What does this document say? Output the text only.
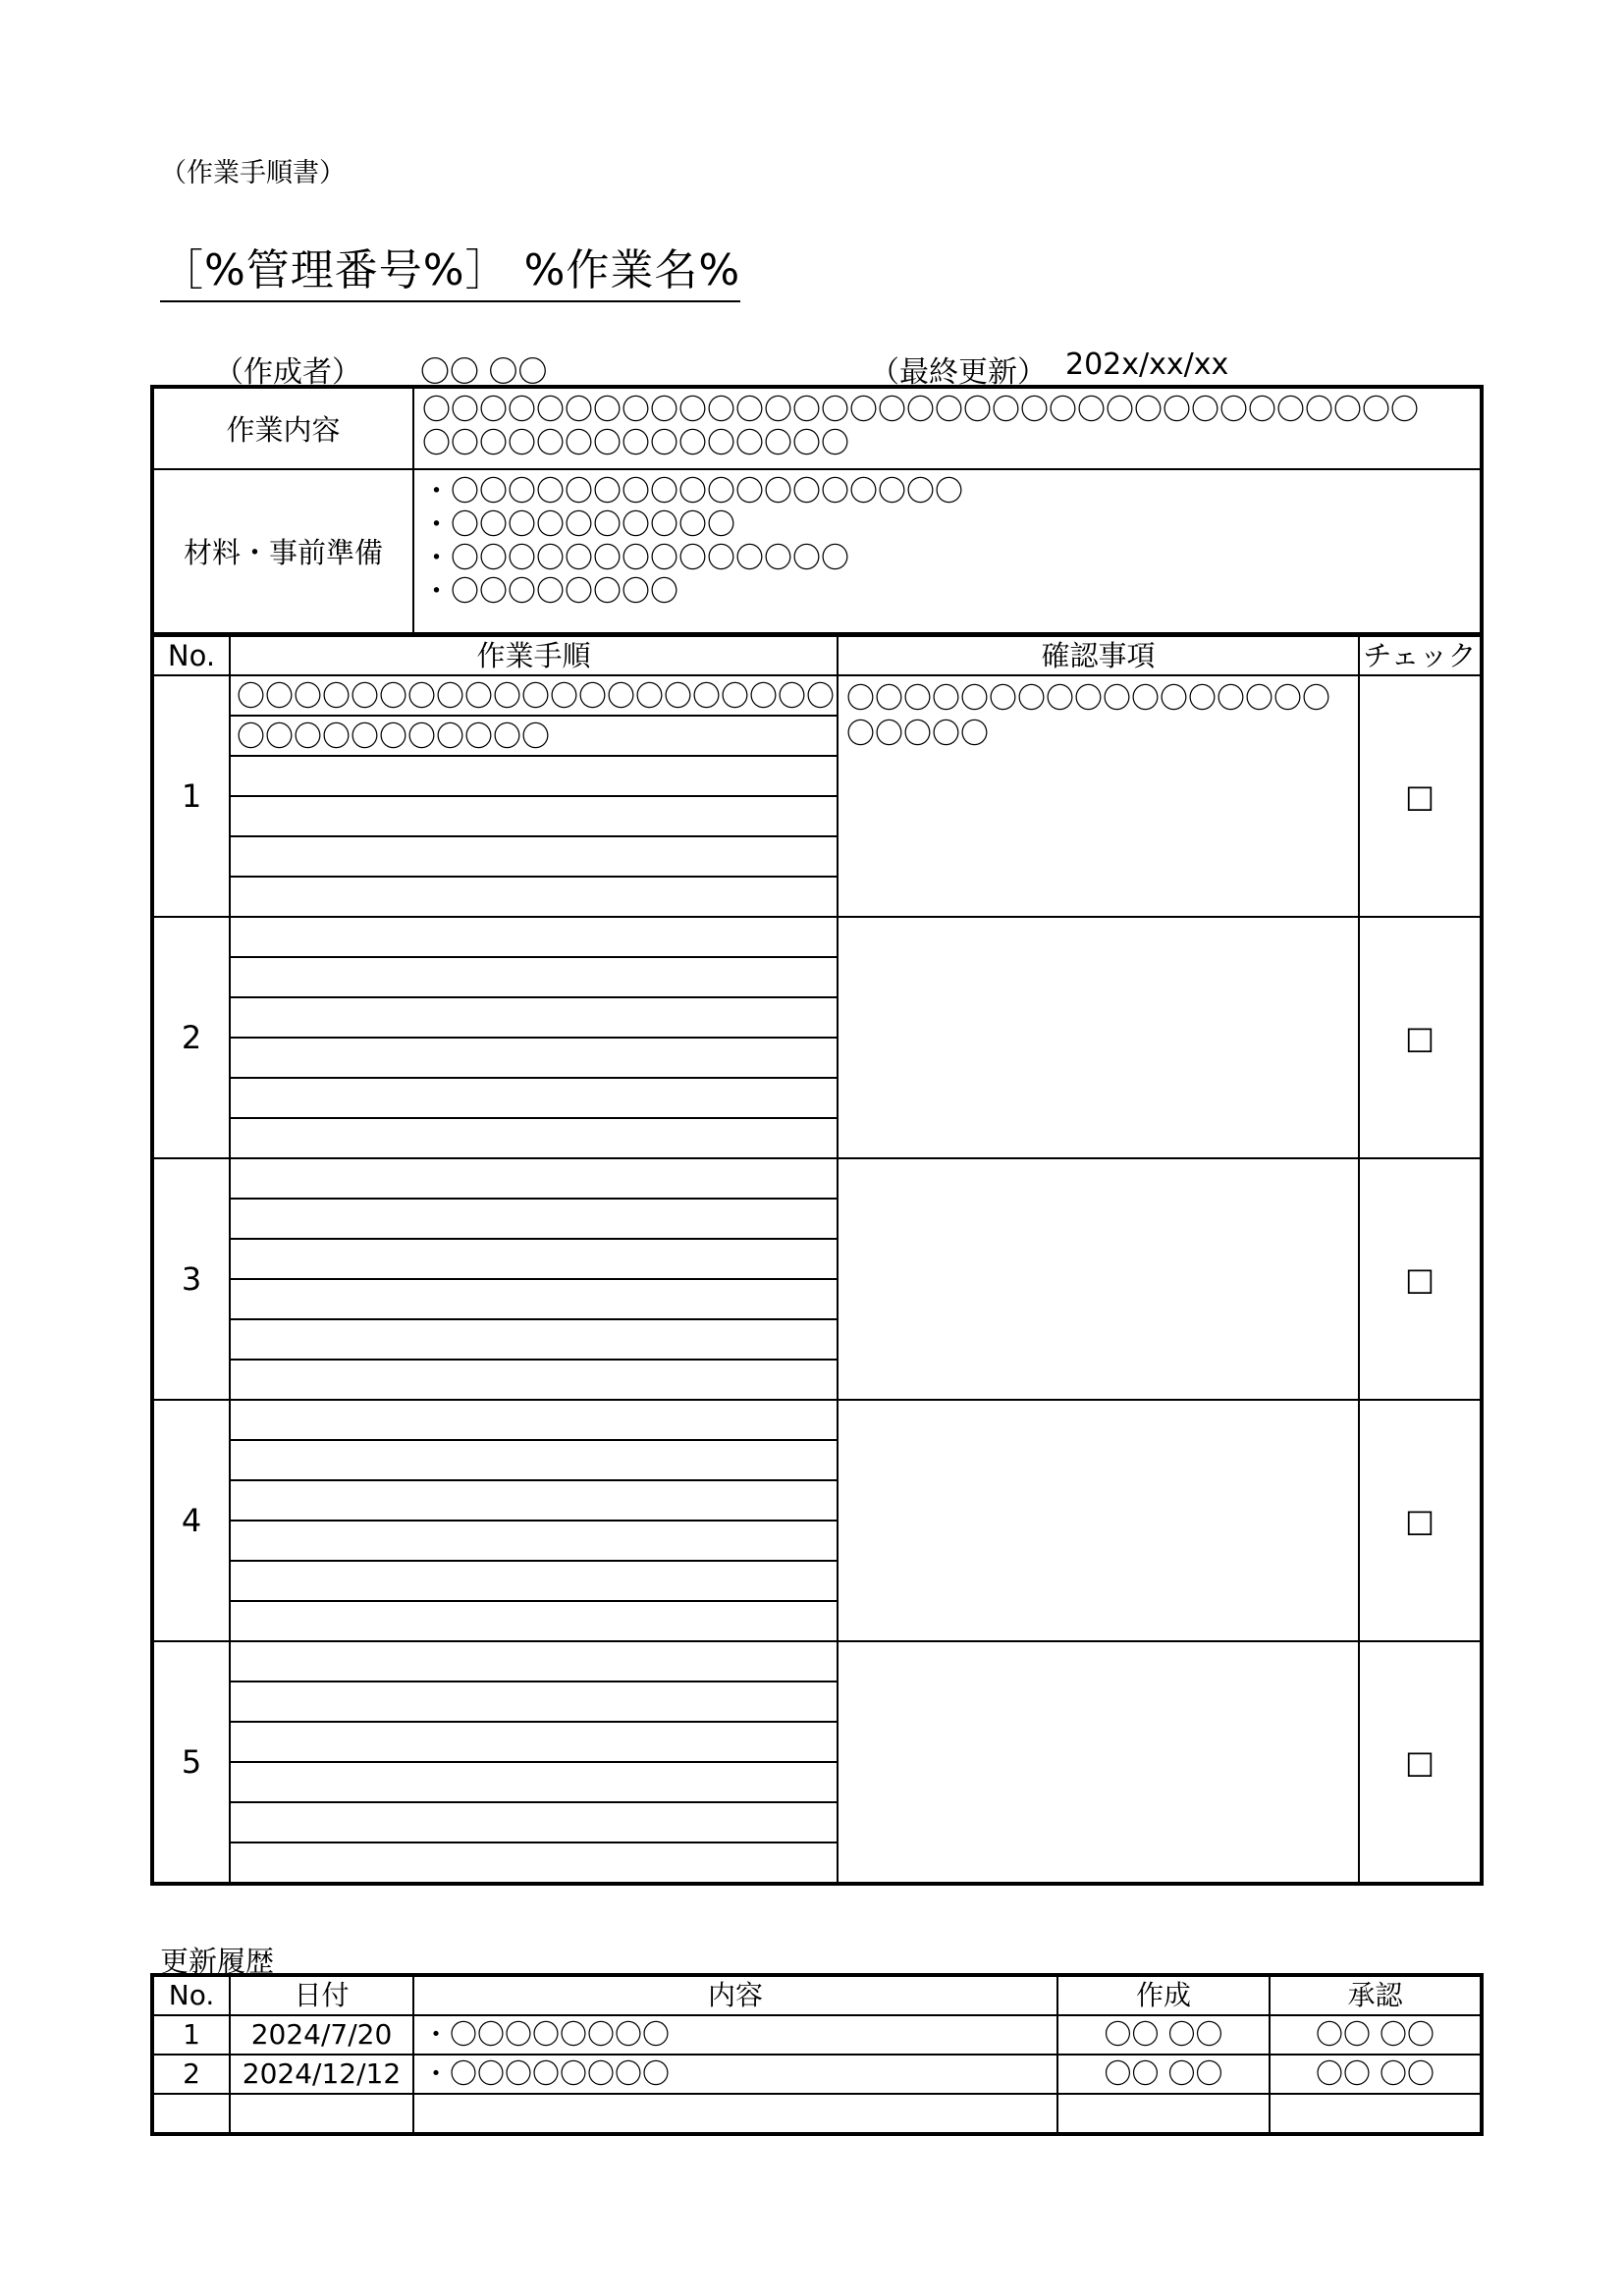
（作業手順書）
［%管理番号%］ %作業名%
（作成者） 〇〇 〇〇	（最終更新） 202x/xx/xx
作業内容	〇〇〇〇〇〇〇〇〇〇〇〇〇〇〇〇〇〇〇〇〇〇〇〇〇〇〇〇〇〇〇〇〇〇〇
〇〇〇〇〇〇〇〇〇〇〇〇〇〇〇
材料・事前準備	・〇〇〇〇〇〇〇〇〇〇〇〇〇〇〇〇〇〇
・〇〇〇〇〇〇〇〇〇〇
・〇〇〇〇〇〇〇〇〇〇〇〇〇〇
・〇〇〇〇〇〇〇〇
No.	作業手順	確認事項	チェック
1	〇〇〇〇〇〇〇〇〇〇〇〇〇〇〇〇〇〇〇〇〇	〇〇〇〇〇〇〇〇〇〇〇〇〇〇〇〇〇〇〇〇〇〇	□
	〇〇〇〇〇〇〇〇〇〇〇		

2			□

3			□

4			□

5			□

更新履歴
No.	日付	内容	作成	承認
1	2024/7/20	・〇〇〇〇〇〇〇〇	〇〇 〇〇	〇〇 〇〇
2	2024/12/12	・〇〇〇〇〇〇〇〇	〇〇 〇〇	〇〇 〇〇
